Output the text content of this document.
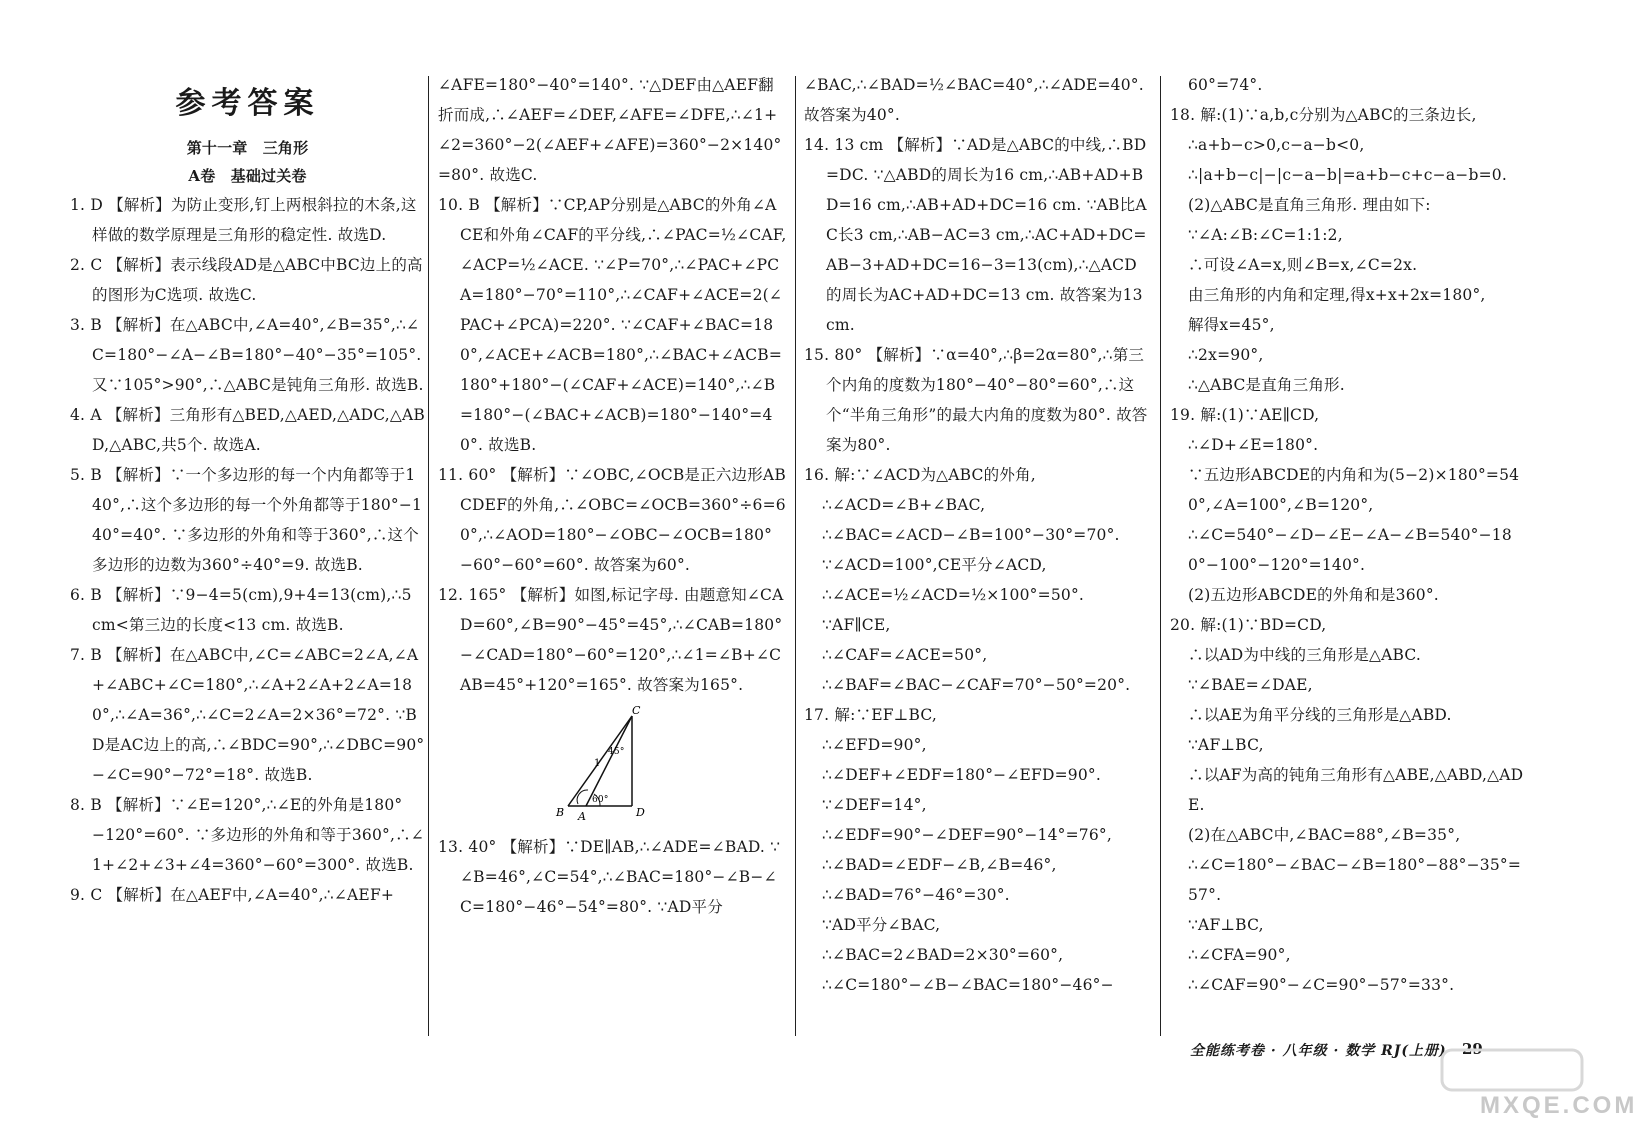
参考答案
第十一章　三角形
A卷　基础过关卷

1. D 【解析】为防止变形,钉上两根斜拉的木条,这样做的数学原理是三角形的稳定性. 故选D.

2. C 【解析】表示线段AD是△ABC中BC边上的高的图形为C选项. 故选C.

3. B 【解析】在△ABC中,∠A=40°,∠B=35°,∴∠C=180°−∠A−∠B=180°−40°−35°=105°. 又∵105°>90°,∴△ABC是钝角三角形. 故选B.

4. A 【解析】三角形有△BED,△AED,△ADC,△ABD,△ABC,共5个. 故选A.

5. B 【解析】∵一个多边形的每一个内角都等于140°,∴这个多边形的每一个外角都等于180°−140°=40°. ∵多边形的外角和等于360°,∴这个多边形的边数为360°÷40°=9. 故选B.

6. B 【解析】∵9−4=5(cm),9+4=13(cm),∴5 cm<第三边的长度<13 cm. 故选B.

7. B 【解析】在△ABC中,∠C=∠ABC=2∠A,∠A+∠ABC+∠C=180°,∴∠A+2∠A+2∠A=180°,∴∠A=36°,∴∠C=2∠A=2×36°=72°. ∵BD是AC边上的高,∴∠BDC=90°,∴∠DBC=90°−∠C=90°−72°=18°. 故选B.

8. B 【解析】∵∠E=120°,∴∠E的外角是180°−120°=60°. ∵多边形的外角和等于360°,∴∠1+∠2+∠3+∠4=360°−60°=300°. 故选B.

9. C 【解析】在△AEF中,∠A=40°,∴∠AEF+

∠AFE=180°−40°=140°. ∵△DEF由△AEF翻折而成,∴∠AEF=∠DEF,∠AFE=∠DFE,∴∠1+∠2=360°−2(∠AEF+∠AFE)=360°−2×140°=80°. 故选C.

10. B 【解析】∵CP,AP分别是△ABC的外角∠ACE和外角∠CAF的平分线,∴∠PAC=½∠CAF,∠ACP=½∠ACE. ∵∠P=70°,∴∠PAC+∠PCA=180°−70°=110°,∴∠CAF+∠ACE=2(∠PAC+∠PCA)=220°. ∵∠CAF+∠BAC=180°,∠ACE+∠ACB=180°,∴∠BAC+∠ACB=180°+180°−(∠CAF+∠ACE)=140°,∴∠B=180°−(∠BAC+∠ACB)=180°−140°=40°. 故选B.

11. 60° 【解析】∵∠OBC,∠OCB是正六边形ABCDEF的外角,∴∠OBC=∠OCB=360°÷6=60°,∴∠AOD=180°−∠OBC−∠OCB=180°−60°−60°=60°. 故答案为60°.

12. 165° 【解析】如图,标记字母. 由题意知∠CAD=60°,∠B=90°−45°=45°,∴∠CAB=180°−∠CAD=180°−60°=120°,∴∠1=∠B+∠CAB=45°+120°=165°. 故答案为165°.

C
B A	D
1
45°
60°

13. 40° 【解析】∵DE∥AB,∴∠ADE=∠BAD. ∵∠B=46°,∠C=54°,∴∠BAC=180°−∠B−∠C=180°−46°−54°=80°. ∵AD平分

∠BAC,∴∠BAD=½∠BAC=40°,∴∠ADE=40°. 故答案为40°.

14. 13 cm 【解析】∵AD是△ABC的中线,∴BD=DC. ∵△ABD的周长为16 cm,∴AB+AD+BD=16 cm,∴AB+AD+DC=16 cm. ∵AB比AC长3 cm,∴AB−AC=3 cm,∴AC+AD+DC=AB−3+AD+DC=16−3=13(cm),∴△ACD的周长为AC+AD+DC=13 cm. 故答案为13 cm.

15. 80° 【解析】∵α=40°,∴β=2α=80°,∴第三个内角的度数为180°−40°−80°=60°,∴这个“半角三角形”的最大内角的度数为80°. 故答案为80°.

16. 解:∵∠ACD为△ABC的外角,

∴∠ACD=∠B+∠BAC,

∴∠BAC=∠ACD−∠B=100°−30°=70°.

∵∠ACD=100°,CE平分∠ACD,

∴∠ACE=½∠ACD=½×100°=50°.

∵AF∥CE,

∴∠CAF=∠ACE=50°,

∴∠BAF=∠BAC−∠CAF=70°−50°=20°.

17. 解:∵EF⊥BC,

∴∠EFD=90°,

∴∠DEF+∠EDF=180°−∠EFD=90°.

∵∠DEF=14°,

∴∠EDF=90°−∠DEF=90°−14°=76°,

∴∠BAD=∠EDF−∠B,∠B=46°,

∴∠BAD=76°−46°=30°.

∵AD平分∠BAC,

∴∠BAC=2∠BAD=2×30°=60°,

∴∠C=180°−∠B−∠BAC=180°−46°−

60°=74°.

18. 解:(1)∵a,b,c分别为△ABC的三条边长,

∴a+b−c>0,c−a−b<0,

∴|a+b−c|−|c−a−b|=a+b−c+c−a−b=0.

(2)△ABC是直角三角形. 理由如下:

∵∠A:∠B:∠C=1:1:2,

∴可设∠A=x,则∠B=x,∠C=2x.

由三角形的内角和定理,得x+x+2x=180°,

解得x=45°,

∴2x=90°,

∴△ABC是直角三角形.

19. 解:(1)∵AE∥CD,

∴∠D+∠E=180°.

∵五边形ABCDE的内角和为(5−2)×180°=540°,∠A=100°,∠B=120°,

∴∠C=540°−∠D−∠E−∠A−∠B=540°−180°−100°−120°=140°.

(2)五边形ABCDE的外角和是360°.

20. 解:(1)∵BD=CD,

∴以AD为中线的三角形是△ABC.

∵∠BAE=∠DAE,

∴以AE为角平分线的三角形是△ABD.

∵AF⊥BC,

∴以AF为高的钝角三角形有△ABE,△ABD,△ADE.

(2)在△ABC中,∠BAC=88°,∠B=35°,

∴∠C=180°−∠BAC−∠B=180°−88°−35°=57°.

∵AF⊥BC,

∴∠CFA=90°,

∴∠CAF=90°−∠C=90°−57°=33°.

全能练考卷 · 八年级 · 数学 RJ(上册) 29
MXQE.COM
